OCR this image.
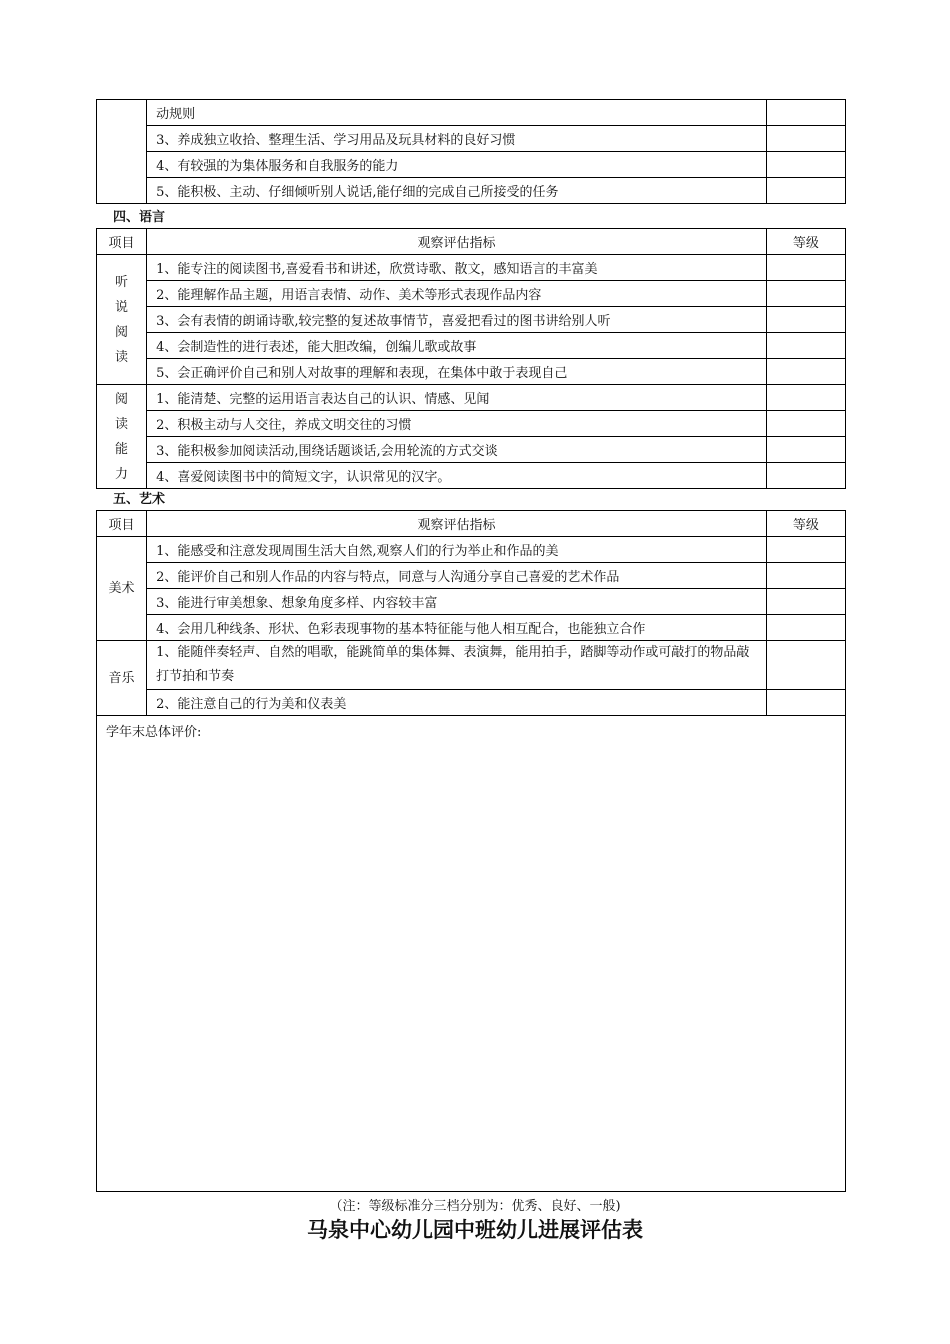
	动规则	
	3、养成独立收拾、整理生活、学习用品及玩具材料的良好习惯	
	4、有较强的为集体服务和自我服务的能力	
	5、能积极、主动、仔细倾听别人说话,能仔细的完成自己所接受的任务	
四、语言
项目	观察评估指标	等级
听说阅读	1、能专注的阅读图书,喜爱看书和讲述，欣赏诗歌、散文，感知语言的丰富美	
	2、能理解作品主题，用语言表情、动作、美术等形式表现作品内容	
	3、会有表情的朗诵诗歌,较完整的复述故事情节，喜爱把看过的图书讲给别人听	
	4、会制造性的进行表述，能大胆改编，创编儿歌或故事	
	5、会正确评价自己和别人对故事的理解和表现，在集体中敢于表现自己	
阅读能力	1、能清楚、完整的运用语言表达自己的认识、情感、见闻	
	2、积极主动与人交往，养成文明交往的习惯	
	3、能积极参加阅读活动,围绕话题谈话,会用轮流的方式交谈	
	4、喜爱阅读图书中的简短文字，认识常见的汉字。	
五、艺术
项目	观察评估指标	等级
美术	1、能感受和注意发现周围生活大自然,观察人们的行为举止和作品的美	
	2、能评价自己和别人作品的内容与特点，同意与人沟通分享自己喜爱的艺术作品	
	3、能进行审美想象、想象角度多样、内容较丰富	
	4、会用几种线条、形状、色彩表现事物的基本特征能与他人相互配合，也能独立合作	
音乐	1、能随伴奏轻声、自然的唱歌，能跳简单的集体舞、表演舞，能用拍手，踏脚等动作或可敲打的物品敲打节拍和节奏	
	2、能注意自己的行为美和仪表美	
学年末总体评价:
（注：等级标准分三档分别为：优秀、良好、一般)
马泉中心幼儿园中班幼儿进展评估表
